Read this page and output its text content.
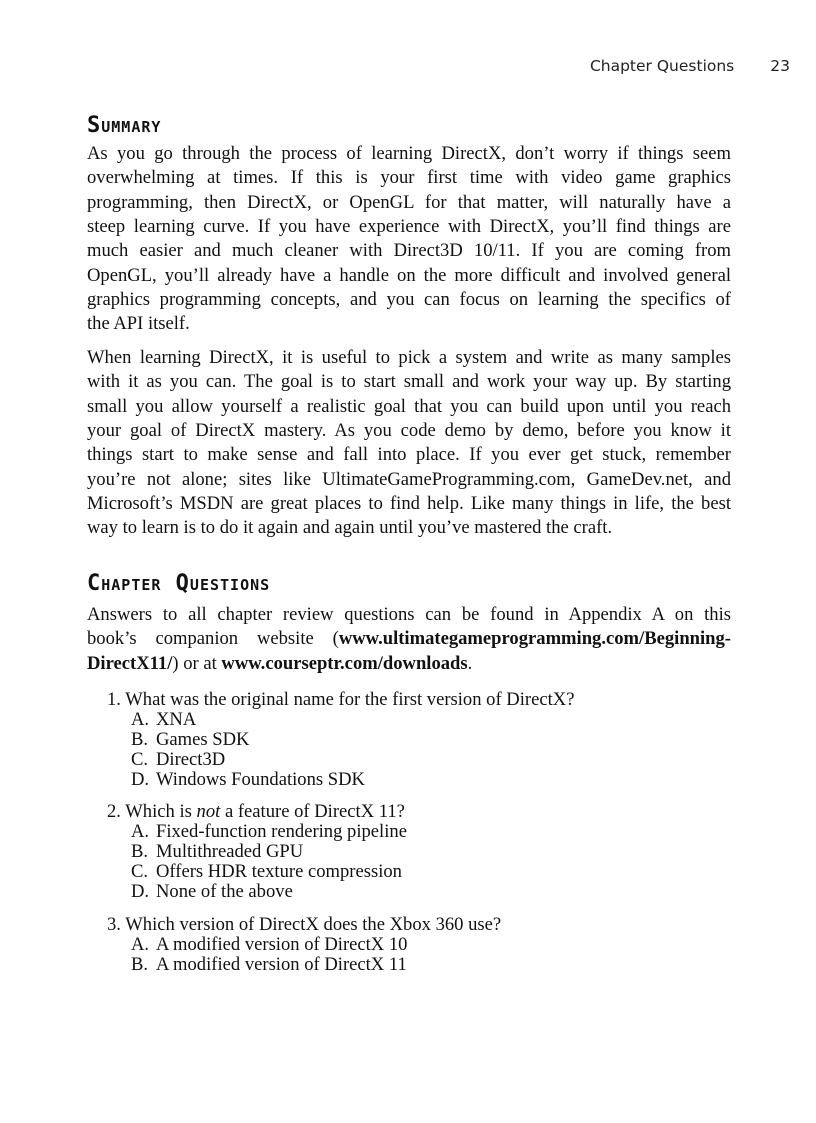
Chapter Questions 23
Summary
As you go through the process of learning DirectX, don’t worry if things seem
overwhelming at times. If this is your first time with video game graphics
programming, then DirectX, or OpenGL for that matter, will naturally have a
steep learning curve. If you have experience with DirectX, you’ll find things are
much easier and much cleaner with Direct3D 10/11. If you are coming from
OpenGL, you’ll already have a handle on the more difficult and involved general
graphics programming concepts, and you can focus on learning the specifics of
the API itself.
When learning DirectX, it is useful to pick a system and write as many samples
with it as you can. The goal is to start small and work your way up. By starting
small you allow yourself a realistic goal that you can build upon until you reach
your goal of DirectX mastery. As you code demo by demo, before you know it
things start to make sense and fall into place. If you ever get stuck, remember
you’re not alone; sites like UltimateGameProgramming.com, GameDev.net, and
Microsoft’s MSDN are great places to find help. Like many things in life, the best
way to learn is to do it again and again until you’ve mastered the craft.
Chapter Questions
Answers to all chapter review questions can be found in Appendix A on this
book’s companion website (www.ultimategameprogramming.com/Beginning-
DirectX11/) or at www.courseptr.com/downloads.
1. What was the original name for the first version of DirectX?
A. XNA
B. Games SDK
C. Direct3D
D. Windows Foundations SDK
2. Which is not a feature of DirectX 11?
A. Fixed-function rendering pipeline
B. Multithreaded GPU
C. Offers HDR texture compression
D. None of the above
3. Which version of DirectX does the Xbox 360 use?
A. A modified version of DirectX 10
B. A modified version of DirectX 11
